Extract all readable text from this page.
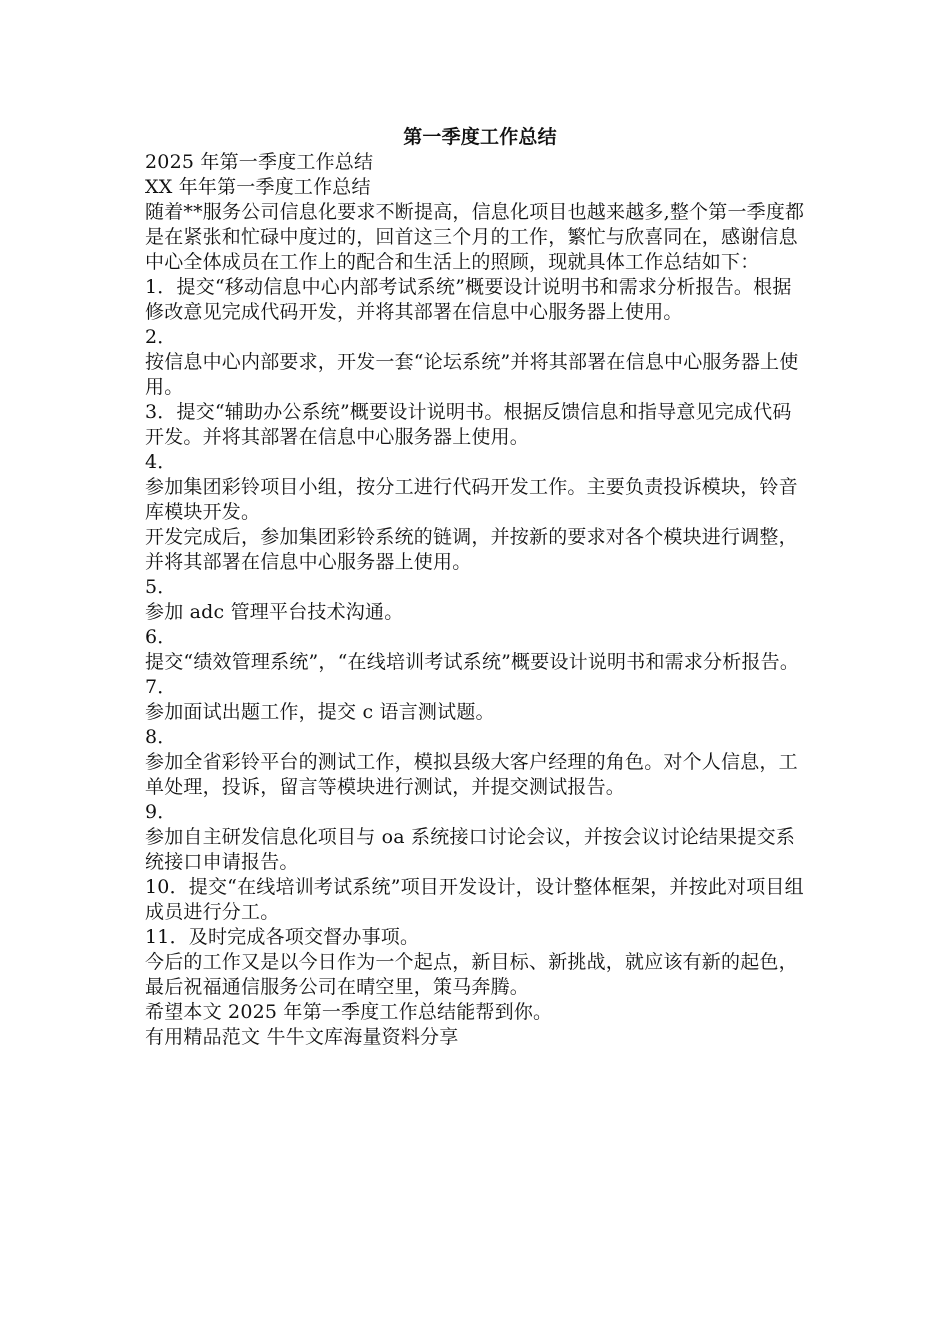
第一季度工作总结

2025 年第一季度工作总结

XX 年年第一季度工作总结

随着**服务公司信息化要求不断提高，信息化项目也越来越多,整个第一季度都是在紧张和忙碌中度过的，回首这三个月的工作，繁忙与欣喜同在，感谢信息中心全体成员在工作上的配合和生活上的照顾，现就具体工作总结如下：

1．提交“移动信息中心内部考试系统”概要设计说明书和需求分析报告。根据修改意见完成代码开发，并将其部署在信息中心服务器上使用。

2．

按信息中心内部要求，开发一套“论坛系统”并将其部署在信息中心服务器上使用。

3．提交“辅助办公系统”概要设计说明书。根据反馈信息和指导意见完成代码开发。并将其部署在信息中心服务器上使用。

4．

参加集团彩铃项目小组，按分工进行代码开发工作。主要负责投诉模块，铃音库模块开发。

开发完成后，参加集团彩铃系统的链调，并按新的要求对各个模块进行调整，并将其部署在信息中心服务器上使用。

5．

参加 adc 管理平台技术沟通。

6．

提交“绩效管理系统”，“在线培训考试系统”概要设计说明书和需求分析报告。

7．

参加面试出题工作，提交 c 语言测试题。

8．

参加全省彩铃平台的测试工作，模拟县级大客户经理的角色。对个人信息，工单处理，投诉，留言等模块进行测试，并提交测试报告。

9．

参加自主研发信息化项目与 oa 系统接口讨论会议，并按会议讨论结果提交系统接口申请报告。

10．提交“在线培训考试系统”项目开发设计，设计整体框架，并按此对项目组成员进行分工。

11．及时完成各项交督办事项。

今后的工作又是以今日作为一个起点，新目标、新挑战，就应该有新的起色，最后祝福通信服务公司在晴空里，策马奔腾。

希望本文 2025 年第一季度工作总结能帮到你。

有用精品范文 牛牛文库海量资料分享
